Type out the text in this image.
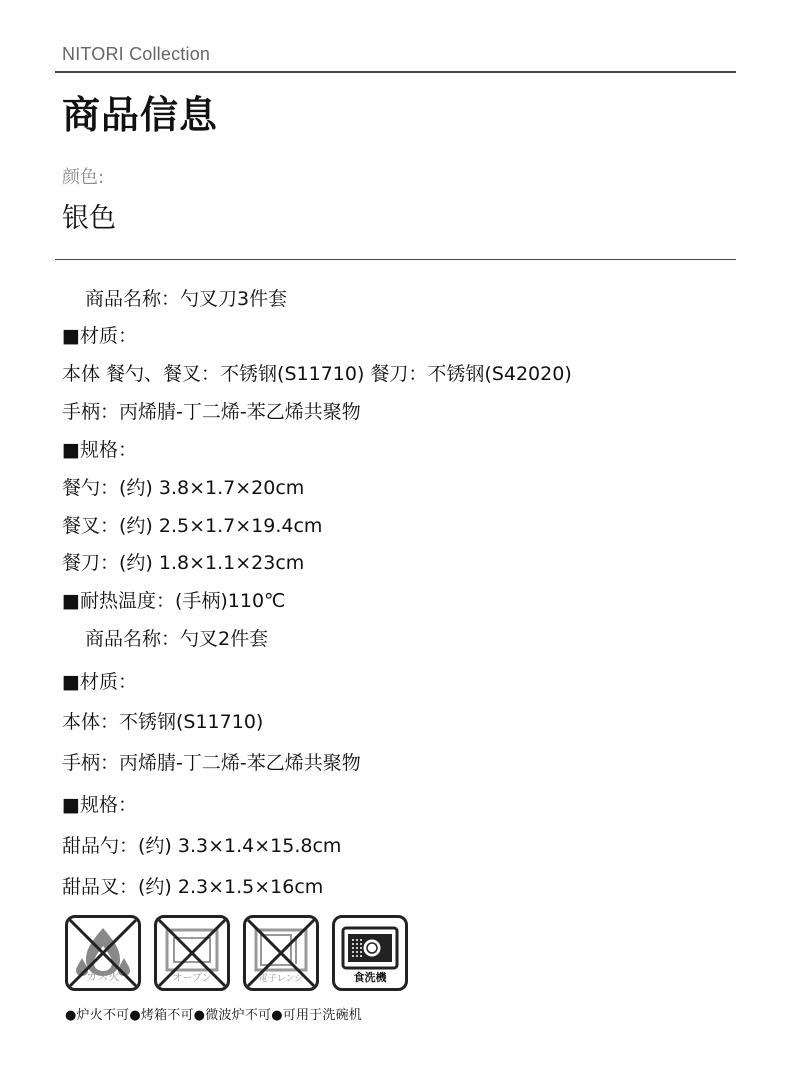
NITORI Collection
商品信息
颜色:
银色
商品名称：勺叉刀3件套
■材质：
本体 餐勺、餐叉：不锈钢(S11710) 餐刀：不锈钢(S42020)
手柄：丙烯腈-丁二烯-苯乙烯共聚物
■规格：
餐勺：(约) 3.8×1.7×20cm
餐叉：(约) 2.5×1.7×19.4cm
餐刀：(约) 1.8×1.1×23cm
■耐热温度：(手柄)110℃
商品名称：勺叉2件套
■材质：
本体：不锈钢(S11710)
手柄：丙烯腈-丁二烯-苯乙烯共聚物
■规格：
甜品勺：(约) 3.3×1.4×15.8cm
甜品叉：(约) 2.3×1.5×16cm
ガス火	オーブン	電子レンジ	食洗機
●炉火不可●烤箱不可●微波炉不可●可用于洗碗机
